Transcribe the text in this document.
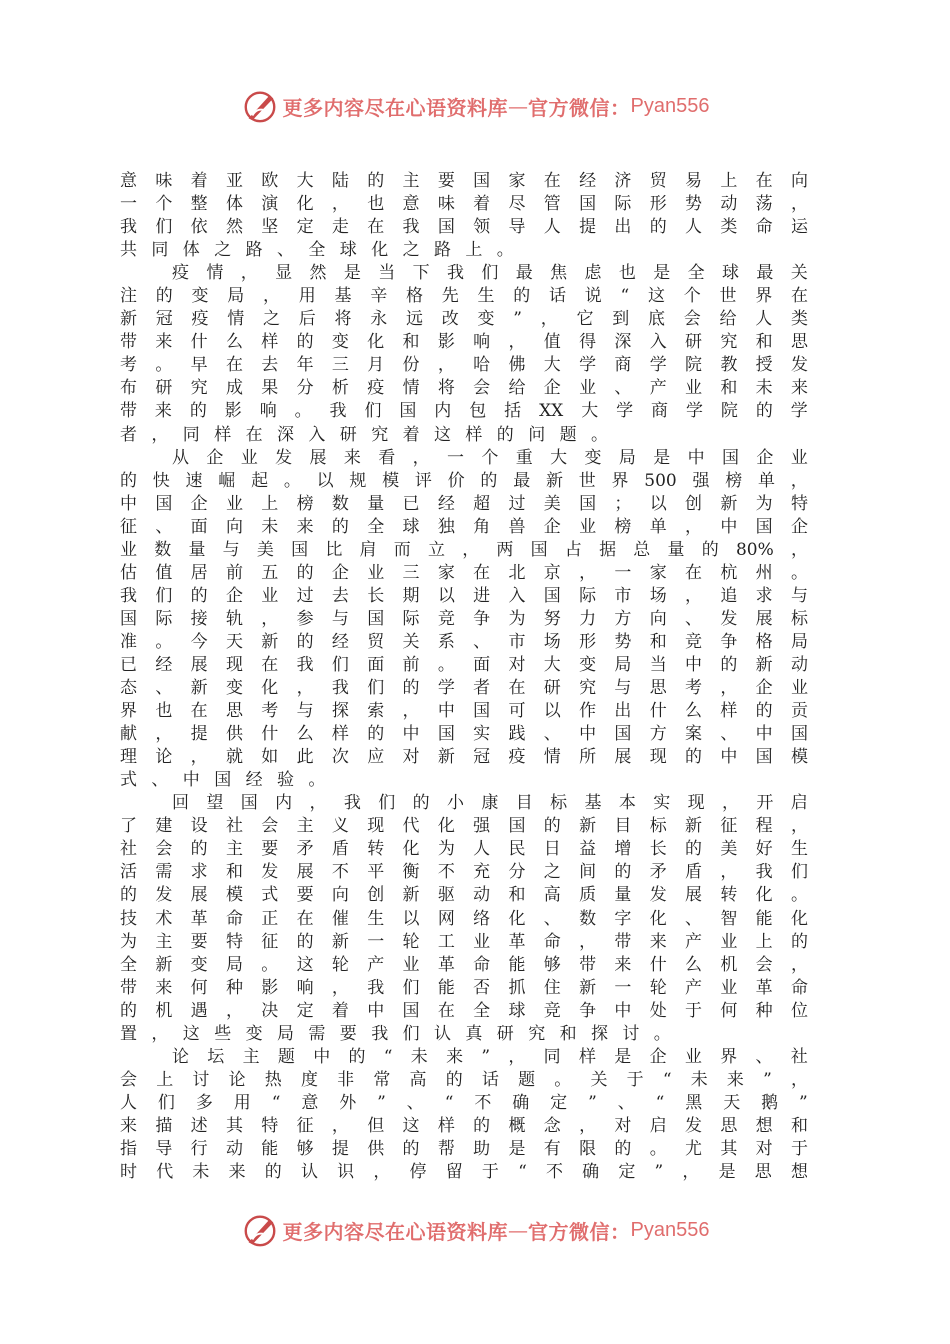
更多内容尽在心语资料库 — 官方微信： Pyan556
意 味 着 亚 欧 大 陆 的 主 要 国 家 在 经 济 贸 易 上 在 向
一 个 整 体 演 化 ， 也 意 味 着 尽 管 国 际 形 势 动 荡 ，
我 们 依 然 坚 定 走 在 我 国 领 导 人 提 出 的 人 类 命 运
共同体之路、全球化之路上。
疫 情 ， 显 然 是 当 下 我 们 最 焦 虑 也 是 全 球 最 关
注 的 变 局 ， 用 基 辛 格 先 生 的 话 说 “ 这 个 世 界 在
新 冠 疫 情 之 后 将 永 远 改 变 ” ， 它 到 底 会 给 人 类
带 来 什 么 样 的 变 化 和 影 响 ， 值 得 深 入 研 究 和 思
考 。 早 在 去 年 三 月 份 ， 哈 佛 大 学 商 学 院 教 授 发
布 研 究 成 果 分 析 疫 情 将 会 给 企 业 、 产 业 和 未 来
带 来 的 影 响 。 我 们 国 内 包 括 XX 大 学 商 学 院 的 学
者，同样在深入研究着这样的问题。
从 企 业 发 展 来 看 ， 一 个 重 大 变 局 是 中 国 企 业
的 快 速 崛 起 。 以 规 模 评 价 的 最 新 世 界 500 强 榜 单 ，
中 国 企 业 上 榜 数 量 已 经 超 过 美 国 ； 以 创 新 为 特
征 、 面 向 未 来 的 全 球 独 角 兽 企 业 榜 单 ， 中 国 企
业 数 量 与 美 国 比 肩 而 立 ， 两 国 占 据 总 量 的 80% ，
估 值 居 前 五 的 企 业 三 家 在 北 京 ， 一 家 在 杭 州 。
我 们 的 企 业 过 去 长 期 以 进 入 国 际 市 场 ， 追 求 与
国 际 接 轨 ， 参 与 国 际 竞 争 为 努 力 方 向 、 发 展 标
准 。 今 天 新 的 经 贸 关 系 、 市 场 形 势 和 竞 争 格 局
已 经 展 现 在 我 们 面 前 。 面 对 大 变 局 当 中 的 新 动
态 、 新 变 化 ， 我 们 的 学 者 在 研 究 与 思 考 ， 企 业
界 也 在 思 考 与 探 索 ， 中 国 可 以 作 出 什 么 样 的 贡
献 ， 提 供 什 么 样 的 中 国 实 践 、 中 国 方 案 、 中 国
理 论 ， 就 如 此 次 应 对 新 冠 疫 情 所 展 现 的 中 国 模
式、中国经验。
回 望 国 内 ， 我 们 的 小 康 目 标 基 本 实 现 ， 开 启
了 建 设 社 会 主 义 现 代 化 强 国 的 新 目 标 新 征 程 ，
社 会 的 主 要 矛 盾 转 化 为 人 民 日 益 增 长 的 美 好 生
活 需 求 和 发 展 不 平 衡 不 充 分 之 间 的 矛 盾 ， 我 们
的 发 展 模 式 要 向 创 新 驱 动 和 高 质 量 发 展 转 化 。
技 术 革 命 正 在 催 生 以 网 络 化 、 数 字 化 、 智 能 化
为 主 要 特 征 的 新 一 轮 工 业 革 命 ， 带 来 产 业 上 的
全 新 变 局 。 这 轮 产 业 革 命 能 够 带 来 什 么 机 会 ，
带 来 何 种 影 响 ， 我 们 能 否 抓 住 新 一 轮 产 业 革 命
的 机 遇 ， 决 定 着 中 国 在 全 球 竞 争 中 处 于 何 种 位
置，这些变局需要我们认真研究和探讨。
论 坛 主 题 中 的 “ 未 来 ” ， 同 样 是 企 业 界 、 社
会 上 讨 论 热 度 非 常 高 的 话 题 。 关 于 “ 未 来 ” ，
人 们 多 用 “ 意 外 ” 、 “ 不 确 定 ” 、 “ 黑 天 鹅 ”
来 描 述 其 特 征 ， 但 这 样 的 概 念 ， 对 启 发 思 想 和
指 导 行 动 能 够 提 供 的 帮 助 是 有 限 的 。 尤 其 对 于
时 代 未 来 的 认 识 ， 停 留 于 “ 不 确 定 ” ， 是 思 想
更多内容尽在心语资料库 — 官方微信： Pyan556
